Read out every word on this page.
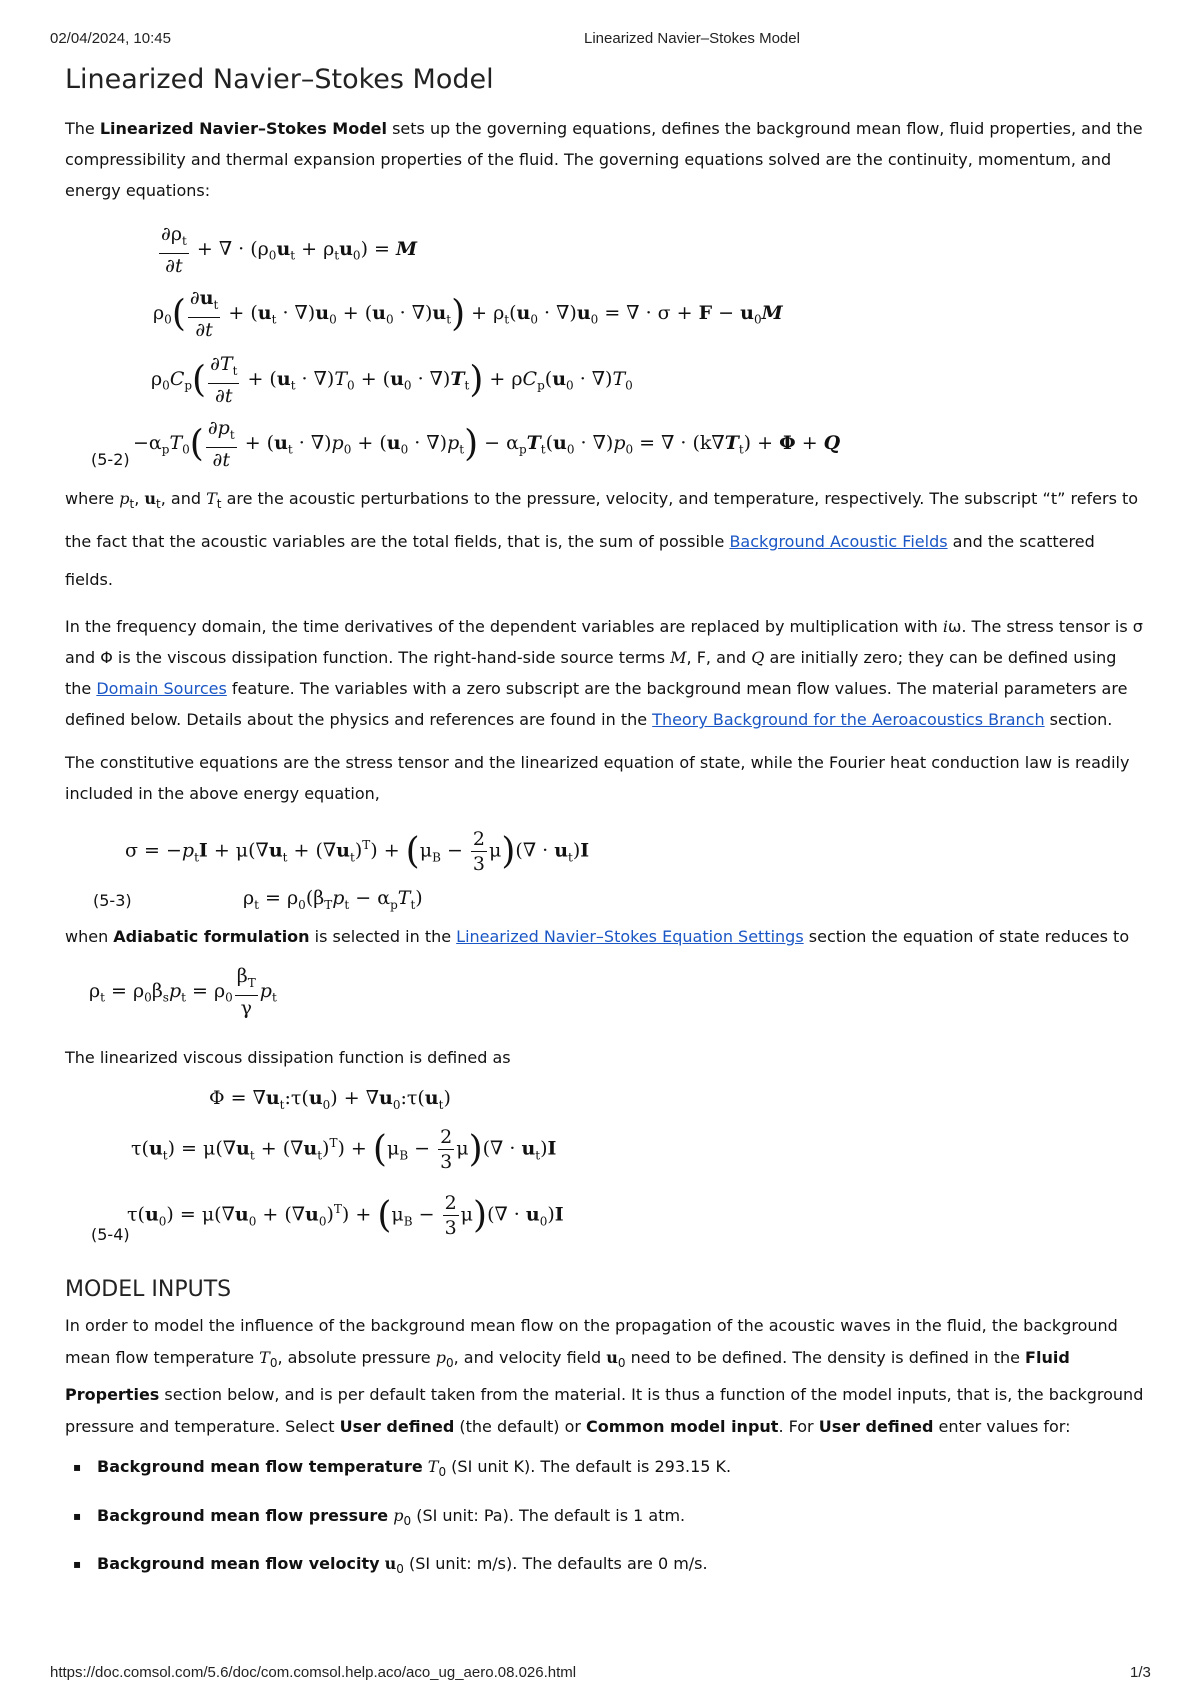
02/04/2024, 10:45	Linearized Navier–Stokes Model
Linearized Navier–Stokes Model

The Linearized Navier–Stokes Model sets up the governing equations, defines the background mean flow, fluid properties, and the compressibility and thermal expansion properties of the fluid. The governing equations solved are the continuity, momentum, and energy equations:

$\frac{\partial\rho_t}{\partial t}$ + ∇ · $(\rho_0u_t + \rho_tu_0) = M$
$\rho_0( \frac{\partial u_t}{\partial t} + (u_t \cdot \nabla)u_0 + (u_0 \cdot \nabla)u_t) + \rho_t(u_0 \cdot \nabla)u_0$ = ∇ · $\sigma + F - u_0M$
$\rho_0C_p( \frac{\partial T_t}{\partial t} + (u_t \cdot \nabla)T_0 + (u_0 \cdot \nabla)T_t) + \rho C_p(u_0 \cdot \nabla)T_0$
$-\alpha_pT_0( \frac{\partial p_t}{\partial t} + (u_t \cdot \nabla)p_0 + (u_0 \cdot \nabla)p_t) - \alpha_pT_t(u_0 \cdot \nabla)p_0$ = ∇ · $(k\nabla T_t) + \Phi + Q$
(5-2)

where $p_t$, $u_t$, and $T_t$ are the acoustic perturbations to the pressure, velocity, and temperature, respectively. The subscript “t” refers to the fact that the acoustic variables are the total fields, that is, the sum of possible Background Acoustic Fields and the scattered fields.

In the frequency domain, the time derivatives of the dependent variables are replaced by multiplication with iω. The stress tensor is σ and Φ is the viscous dissipation function. The right-hand-side source terms M, F, and Q are initially zero; they can be defined using the Domain Sources feature. The variables with a zero subscript are the background mean flow values. The material parameters are defined below. Details about the physics and references are found in the Theory Background for the Aeroacoustics Branch section.

The constitutive equations are the stress tensor and the linearized equation of state, while the Fourier heat conduction law is readily included in the above energy equation,

$\sigma = -p_tI + \mu(\nabla u_t + (\nabla u_t)^T) + (\mu_B - \frac{2}{3} \mu)(\nabla \cdot u_t)I$
$\rho_t = \rho_0(\beta_Tp_t - \alpha_pT_t)$
(5-3)

when Adiabatic formulation is selected in the Linearized Navier–Stokes Equation Settings section the equation of state reduces to

$\rho_t = \rho_0\beta_sp_t = \rho_0 \frac{\beta_T}{\gamma} p_t$

The linearized viscous dissipation function is defined as

$\Phi = \nabla u_t:\tau(u_0)$ + $\nabla u_0:\tau(u_t)$
$\tau(u_t) = \mu(\nabla u_t + (\nabla u_t)^T) + (\mu_B - \frac{2}{3} \mu)(\nabla \cdot u_t)I$
$\tau(u_0) = \mu(\nabla u_0 + (\nabla u_0)^T) + (\mu_B - \frac{2}{3} \mu)(\nabla \cdot u_0)I$
(5-4)
MODEL INPUTS

In order to model the influence of the background mean flow on the propagation of the acoustic waves in the fluid, the background mean flow temperature $T_0$, absolute pressure $p_0$, and velocity field $u_0$ need to be defined. The density is defined in the Fluid Properties section below, and is per default taken from the material. It is thus a function of the model inputs, that is, the background pressure and temperature. Select User defined (the default) or Common model input. For User defined enter values for:

▪ Background mean flow temperature $T_0$ (SI unit K). The default is 293.15 K.
▪ Background mean flow pressure $p_0$ (SI unit: Pa). The default is 1 atm.
▪ Background mean flow velocity $u_0$ (SI unit: m/s). The defaults are 0 m/s.
https://doc.comsol.com/5.6/doc/com.comsol.help.aco/aco_ug_aero.08.026.html	1/3
